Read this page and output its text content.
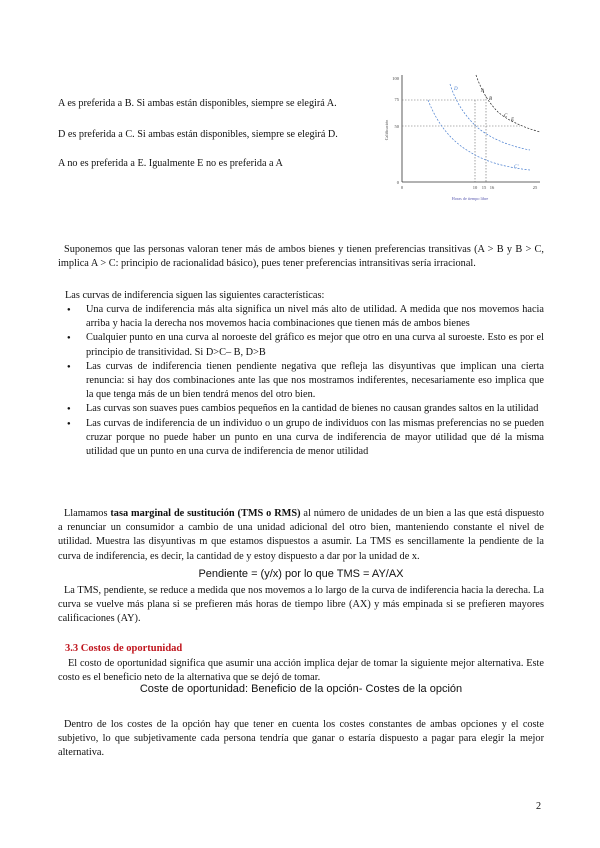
A es preferida a B. Si ambas están disponibles, siempre se elegirá A.
D es preferida a C. Si ambas están disponibles, siempre se elegirá D.
A no es preferida a E. Igualmente E no es preferida a A
100
75
50
0
0	10 15 16	25
Calificación
Horas de tiempo libre
A
B
C
D
E
C'
Suponemos que las personas valoran tener más de ambos bienes y tienen preferencias transitivas (A > B y B > C, implica A > C: principio de racionalidad básico), pues tener preferencias intransitivas sería irracional.
Las curvas de indiferencia siguen las siguientes características:
● Una curva de indiferencia más alta significa un nivel más alto de utilidad. A medida que nos movemos hacia arriba y hacia la derecha nos movemos hacia combinaciones que tienen más de ambos bienes
● Cualquier punto en una curva al noroeste del gráfico es mejor que otro en una curva al suroeste. Esto es por el principio de transitividad. Si D>C– B, D>B
● Las curvas de indiferencia tienen pendiente negativa que refleja las disyuntivas que implican una cierta renuncia: si hay dos combinaciones ante las que nos mostramos indiferentes, necesariamente eso implica que la que tenga más de un bien tendrá menos del otro bien.
● Las curvas son suaves pues cambios pequeños en la cantidad de bienes no causan grandes saltos en la utilidad
● Las curvas de indiferencia de un individuo o un grupo de individuos con las mismas preferencias no se pueden cruzar porque no puede haber un punto en una curva de indiferencia de mayor utilidad que dé la misma utilidad que un punto en una curva de indiferencia de menor utilidad
Llamamos tasa marginal de sustitución (TMS o RMS) al número de unidades de un bien a las que está dispuesto a renunciar un consumidor a cambio de una unidad adicional del otro bien, manteniendo constante el nivel de utilidad. Muestra las disyuntivas m que estamos dispuestos a asumir. La TMS es sencillamente la pendiente de la curva de indiferencia, es decir, la cantidad de y estoy dispuesto a dar por la unidad de x.
Pendiente = (y/x) por lo que TMS = AY/AX
La TMS, pendiente, se reduce a medida que nos movemos a lo largo de la curva de indiferencia hacia la derecha. La curva se vuelve más plana si se prefieren más horas de tiempo libre (AX) y más empinada si se prefieren mayores calificaciones (AY).
3.3 Costos de oportunidad
El costo de oportunidad significa que asumir una acción implica dejar de tomar la siguiente mejor alternativa. Este costo es el beneficio neto de la alternativa que se dejó de tomar.
Coste de oportunidad: Beneficio de la opción- Costes de la opción
Dentro de los costes de la opción hay que tener en cuenta los costes constantes de ambas opciones y el coste subjetivo, lo que subjetivamente cada persona tendría que ganar o estaría dispuesto a pagar para elegir la mejor alternativa.
2
